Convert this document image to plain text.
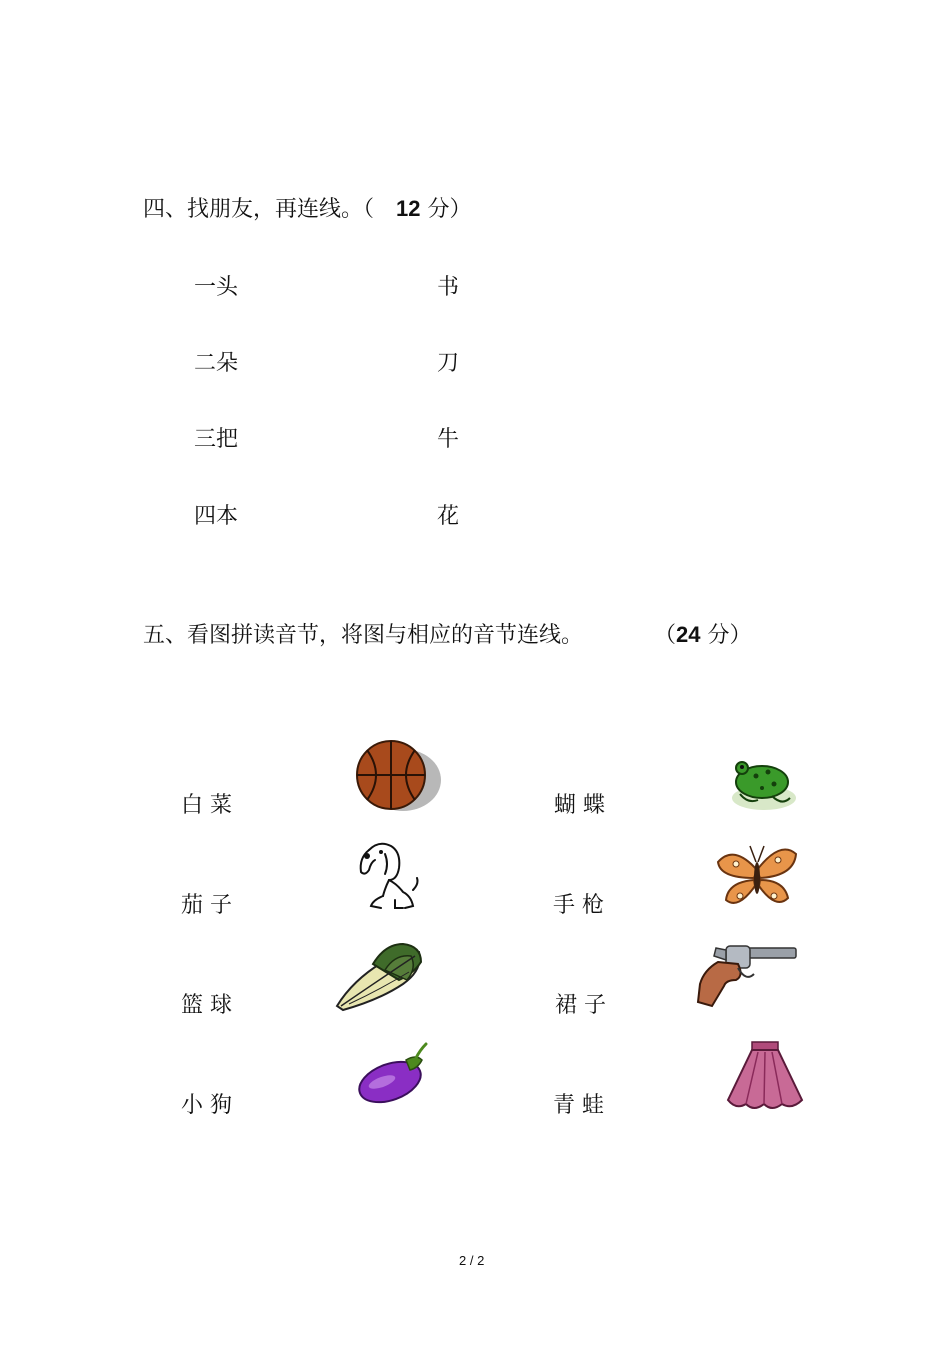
四、找朋友，再连线。（ 12 分）
一头
二朵
三把
四本
书
刀
牛
花
五、看图拼读音节，将图与相应的音节连线。	（24 分）
白 菜
茄 子
篮 球
小 狗
蝴 蝶
手 枪
裙 子
青 蛙
2 / 2
